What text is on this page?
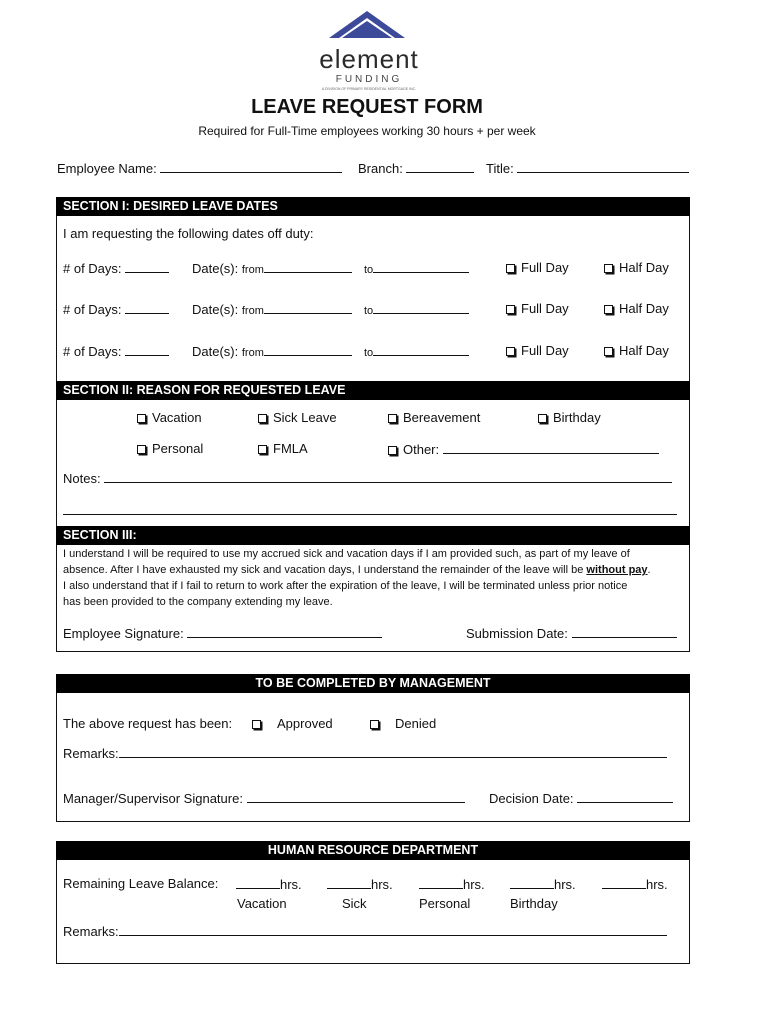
element
FUNDING
A DIVISION OF PRIMARY RESIDENTIAL MORTGAGE INC.
LEAVE REQUEST FORM
Required for Full-Time employees working 30 hours + per week
Employee Name:	Branch:	Title:
SECTION I: DESIRED LEAVE DATES
I am requesting the following dates off duty:
# of Days:	Date(s): from	to	Full Day	Half Day
# of Days:	Date(s): from	to	Full Day	Half Day
# of Days:	Date(s): from	to	Full Day	Half Day
SECTION II: REASON FOR REQUESTED LEAVE
Vacation	Sick Leave	Bereavement	Birthday
Personal	FMLA	Other:
Notes:
SECTION III:
I understand I will be required to use my accrued sick and vacation days if I am provided such, as part of my leave of
absence. After I have exhausted my sick and vacation days, I understand the remainder of the leave will be without pay.
I also understand that if I fail to return to work after the expiration of the leave, I will be terminated unless prior notice
has been provided to the company extending my leave.
Employee Signature:	Submission Date:
TO BE COMPLETED BY MANAGEMENT
The above request has been:	Approved	Denied
Remarks:
Manager/Supervisor Signature:	Decision Date:
HUMAN RESOURCE DEPARTMENT
Remaining Leave Balance:	hrs.	hrs.	hrs.	hrs.	hrs.
Vacation	Sick	Personal	Birthday
Remarks:
